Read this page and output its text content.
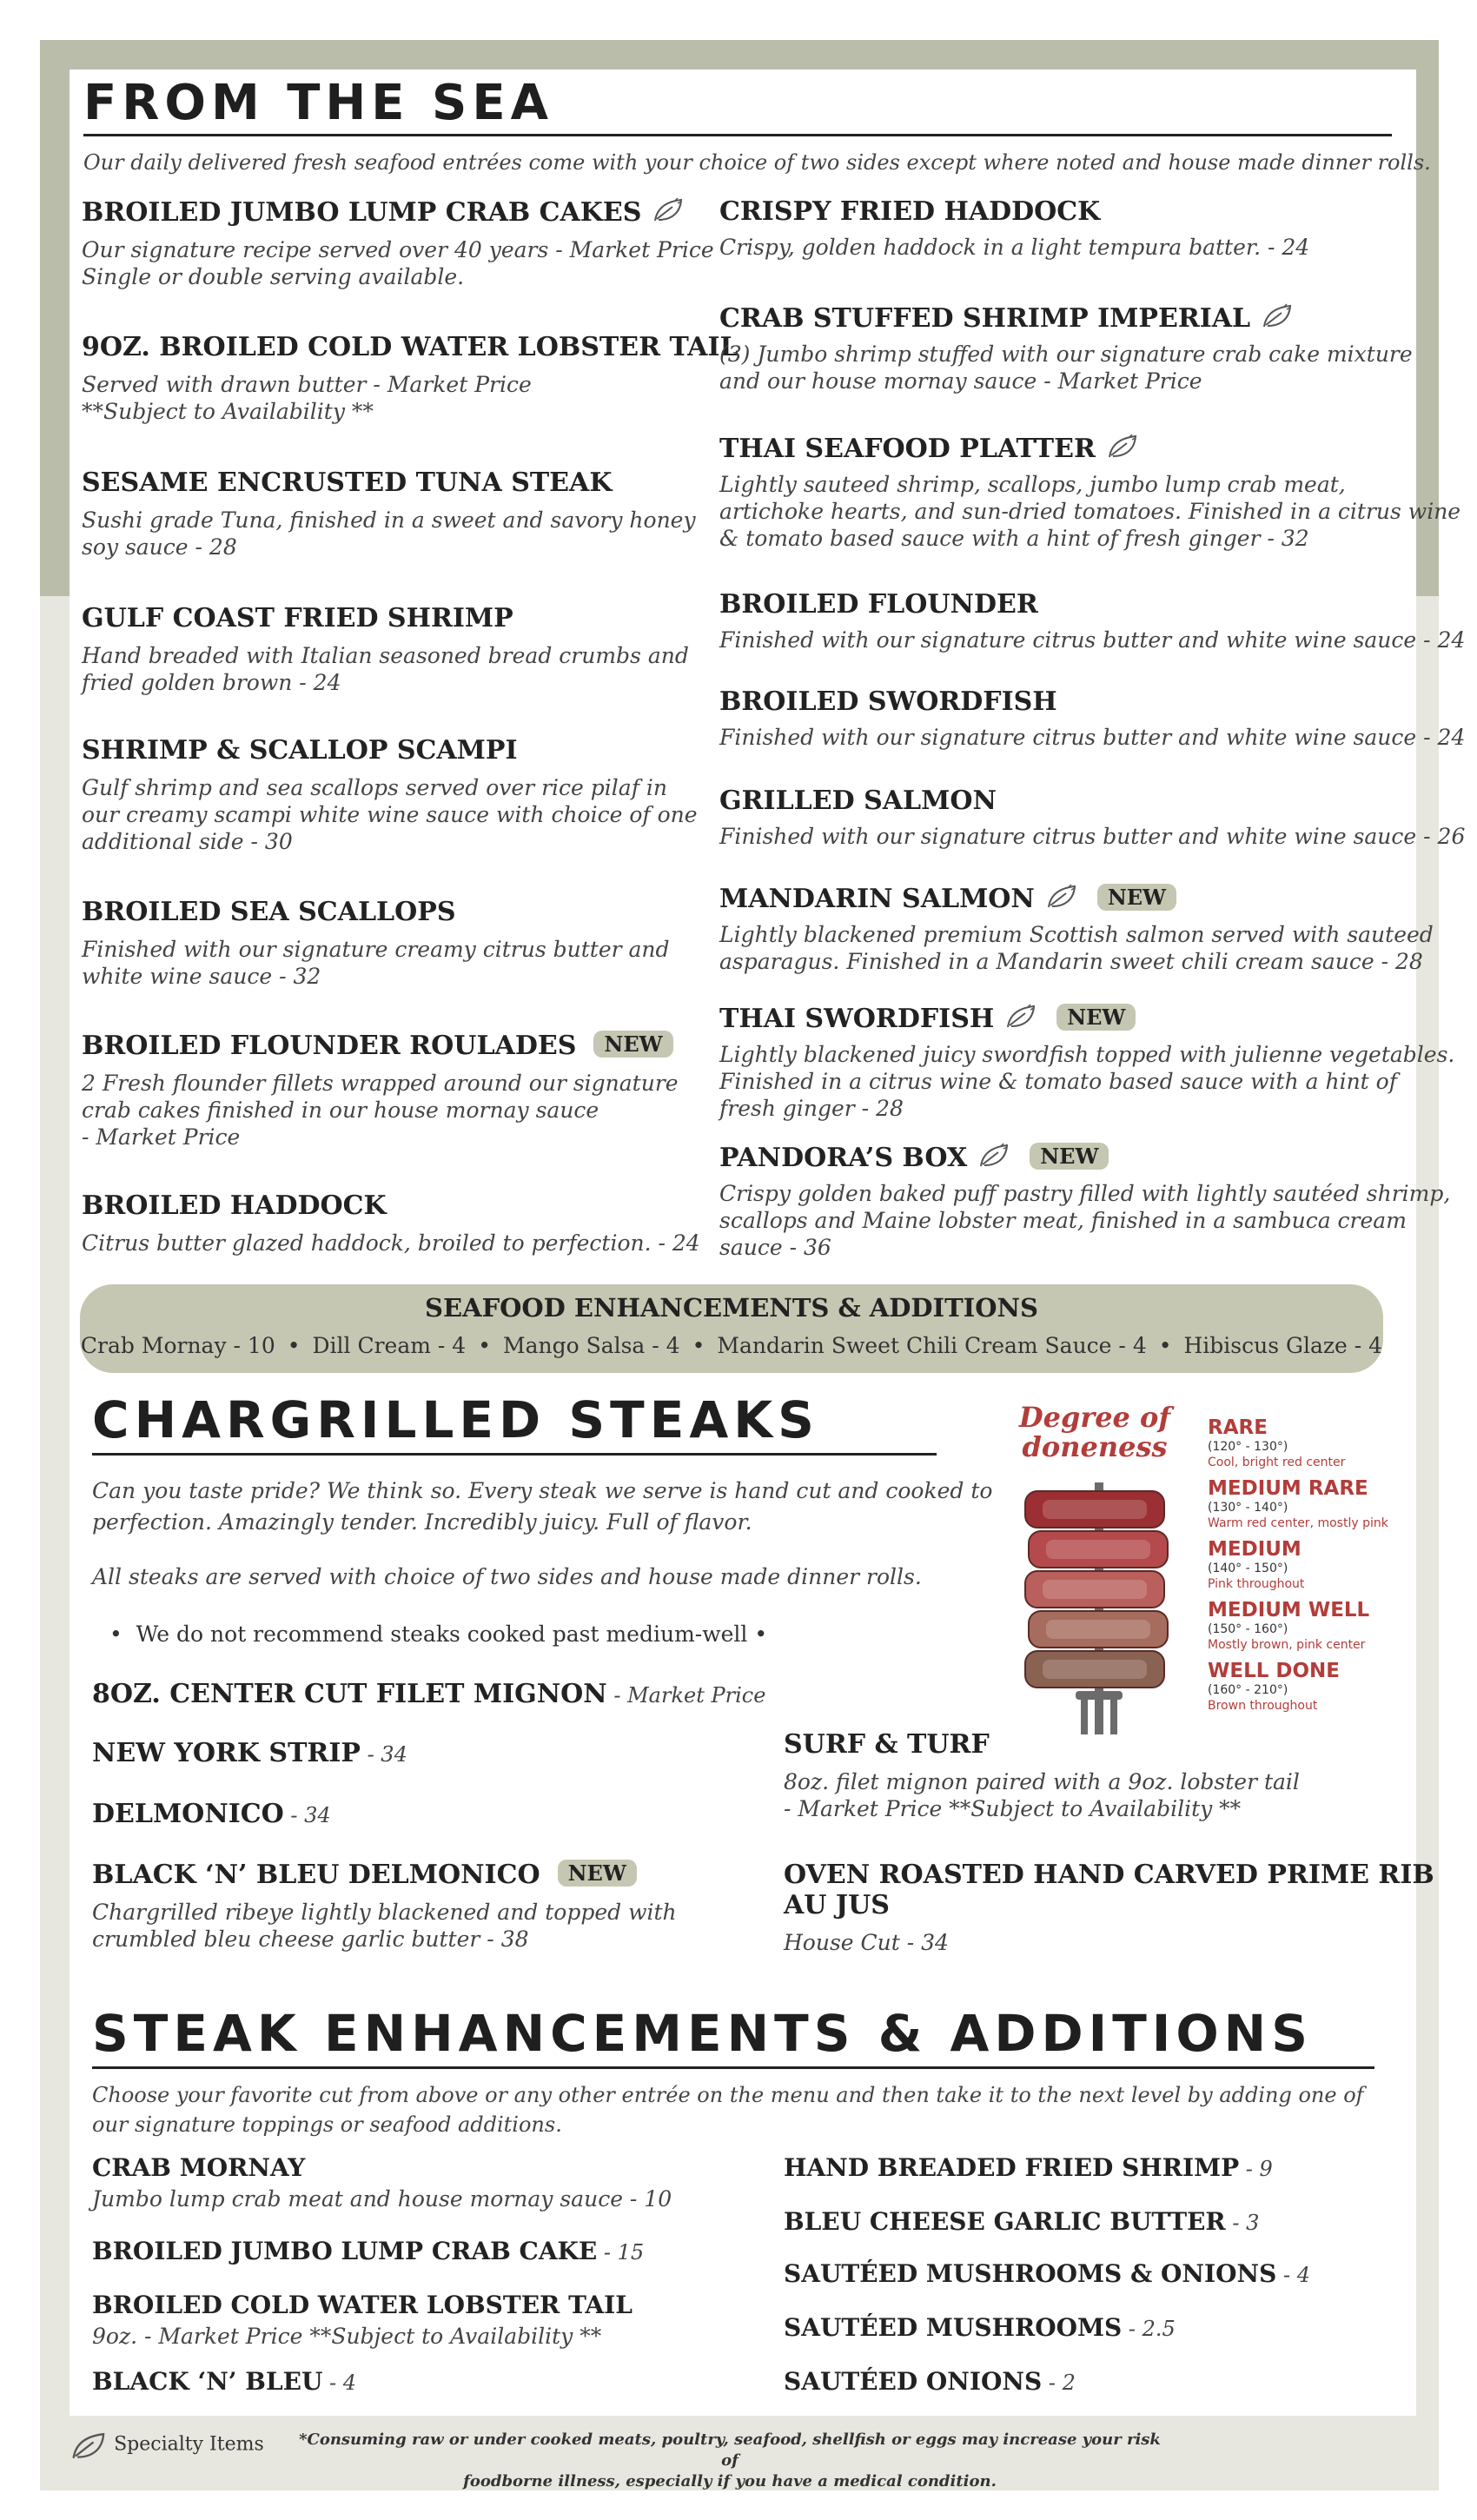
FROM THE SEA
Our daily delivered fresh seafood entrées come with your choice of two sides except where noted and house made dinner rolls.
BROILED JUMBO LUMP CRAB CAKES
Our signature recipe served over 40 years - Market Price
Single or double serving available.
9OZ. BROILED COLD WATER LOBSTER TAIL
Served with drawn butter - Market Price
**Subject to Availability **
SESAME ENCRUSTED TUNA STEAK
Sushi grade Tuna, finished in a sweet and savory honey
soy sauce - 28
GULF COAST FRIED SHRIMP
Hand breaded with Italian seasoned bread crumbs and
fried golden brown - 24
SHRIMP & SCALLOP SCAMPI
Gulf shrimp and sea scallops served over rice pilaf in
our creamy scampi white wine sauce with choice of one
additional side - 30
BROILED SEA SCALLOPS
Finished with our signature creamy citrus butter and
white wine sauce - 32
BROILED FLOUNDER ROULADES NEW
2 Fresh flounder fillets wrapped around our signature
crab cakes finished in our house mornay sauce
- Market Price
BROILED HADDOCK
Citrus butter glazed haddock, broiled to perfection. - 24
CRISPY FRIED HADDOCK
Crispy, golden haddock in a light tempura batter. - 24
CRAB STUFFED SHRIMP IMPERIAL
(3) Jumbo shrimp stuffed with our signature crab cake mixture
and our house mornay sauce - Market Price
THAI SEAFOOD PLATTER
Lightly sauteed shrimp, scallops, jumbo lump crab meat,
artichoke hearts, and sun-dried tomatoes. Finished in a citrus wine
& tomato based sauce with a hint of fresh ginger - 32
BROILED FLOUNDER
Finished with our signature citrus butter and white wine sauce - 24
BROILED SWORDFISH
Finished with our signature citrus butter and white wine sauce - 24
GRILLED SALMON
Finished with our signature citrus butter and white wine sauce - 26
MANDARIN SALMON	NEW
Lightly blackened premium Scottish salmon served with sauteed
asparagus. Finished in a Mandarin sweet chili cream sauce - 28
THAI SWORDFISH	NEW
Lightly blackened juicy swordfish topped with julienne vegetables.
Finished in a citrus wine & tomato based sauce with a hint of
fresh ginger - 28
PANDORA’S BOX	NEW
Crispy golden baked puff pastry filled with lightly sautéed shrimp,
scallops and Maine lobster meat, finished in a sambuca cream
sauce - 36
SEAFOOD ENHANCEMENTS & ADDITIONS
Crab Mornay - 10 • Dill Cream - 4 • Mango Salsa - 4 • Mandarin Sweet Chili Cream Sauce - 4 • Hibiscus Glaze - 4
CHARGRILLED STEAKS
Can you taste pride? We think so. Every steak we serve is hand cut and cooked to
perfection. Amazingly tender. Incredibly juicy. Full of flavor.
All steaks are served with choice of two sides and house made dinner rolls.
•  We do not recommend steaks cooked past medium-well •
8OZ. CENTER CUT FILET MIGNON - Market Price
NEW YORK STRIP - 34
DELMONICO - 34
BLACK ‘N’ BLEU DELMONICO NEW
Chargrilled ribeye lightly blackened and topped with
crumbled bleu cheese garlic butter - 38
SURF & TURF
8oz. filet mignon paired with a 9oz. lobster tail
- Market Price **Subject to Availability **
OVEN ROASTED HAND CARVED PRIME RIB
AU JUS
House Cut - 34
Degree of doneness
RARE
(120° - 130°)
Cool, bright red center
MEDIUM RARE
(130° - 140°)
Warm red center, mostly pink
MEDIUM
(140° - 150°)
Pink throughout
MEDIUM WELL
(150° - 160°)
Mostly brown, pink center
WELL DONE
(160° - 210°)
Brown throughout
STEAK ENHANCEMENTS & ADDITIONS
Choose your favorite cut from above or any other entrée on the menu and then take it to the next level by adding one of
our signature toppings or seafood additions.
CRAB MORNAY
Jumbo lump crab meat and house mornay sauce - 10
BROILED JUMBO LUMP CRAB CAKE - 15
BROILED COLD WATER LOBSTER TAIL
9oz. - Market Price **Subject to Availability **
BLACK ‘N’ BLEU - 4
HAND BREADED FRIED SHRIMP - 9
BLEU CHEESE GARLIC BUTTER - 3
SAUTÉED MUSHROOMS & ONIONS - 4
SAUTÉED MUSHROOMS - 2.5
SAUTÉED ONIONS - 2
Specialty Items *Consuming raw or under cooked meats, poultry, seafood, shellfish or eggs may increase your risk of
foodborne illness, especially if you have a medical condition.
